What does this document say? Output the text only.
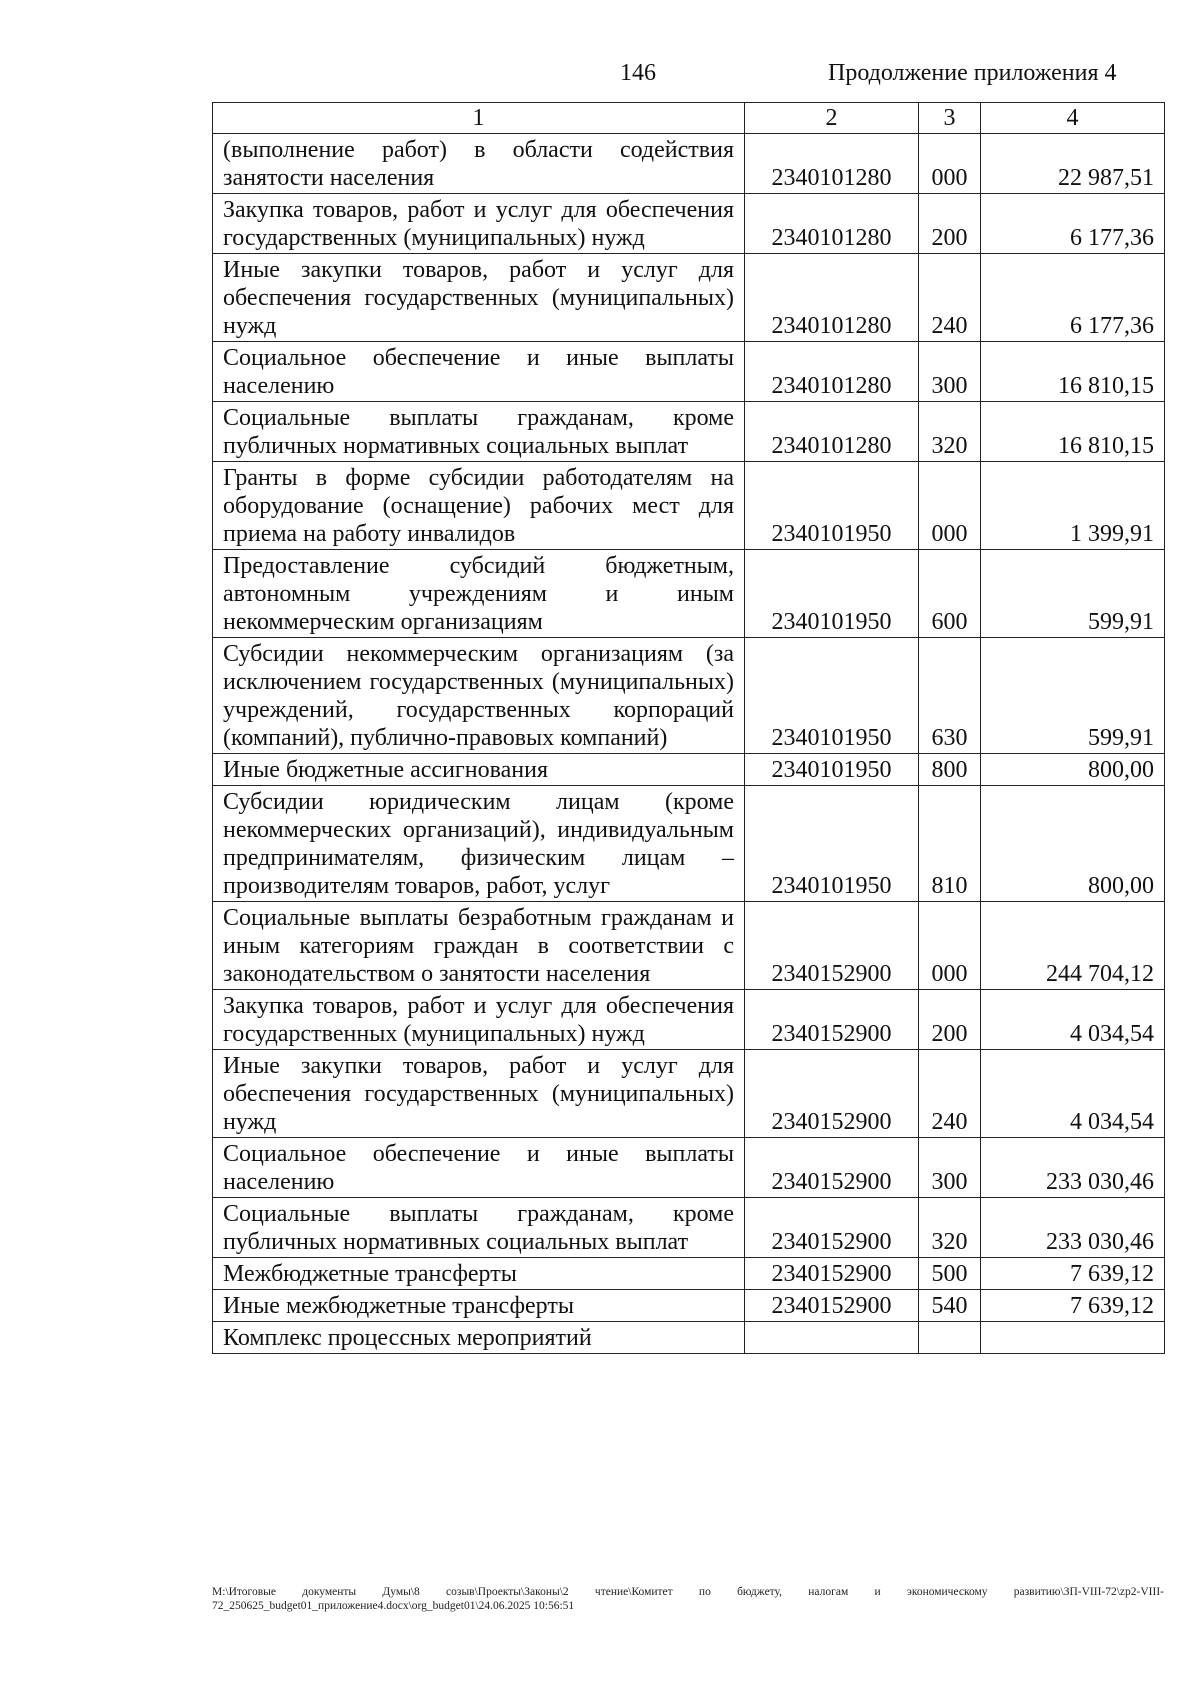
146	Продолжение приложения 4
1	2	3	4
(выполнение работ) в области содействия занятости населения	2340101280	000	22 987,51
Закупка товаров, работ и услуг для обеспечения государственных (муниципальных) нужд	2340101280	200	6 177,36
Иные закупки товаров, работ и услуг для обеспечения государственных (муниципальных) нужд	2340101280	240	6 177,36
Социальное обеспечение и иные выплаты населению	2340101280	300	16 810,15
Социальные выплаты гражданам, кроме публичных нормативных социальных выплат	2340101280	320	16 810,15
Гранты в форме субсидии работодателям на оборудование (оснащение) рабочих мест для приема на работу инвалидов	2340101950	000	1 399,91
Предоставление субсидий бюджетным, автономным учреждениям и иным некоммерческим организациям	2340101950	600	599,91
Субсидии некоммерческим организациям (за исключением государственных (муниципальных) учреждений, государственных корпораций (компаний), публично-правовых компаний)	2340101950	630	599,91
Иные бюджетные ассигнования	2340101950	800	800,00
Субсидии юридическим лицам (кроме некоммерческих организаций), индивидуальным предпринимателям, физическим лицам – производителям товаров, работ, услуг	2340101950	810	800,00
Социальные выплаты безработным гражданам и иным категориям граждан в соответствии с законодательством о занятости населения	2340152900	000	244 704,12
Закупка товаров, работ и услуг для обеспечения государственных (муниципальных) нужд	2340152900	200	4 034,54
Иные закупки товаров, работ и услуг для обеспечения государственных (муниципальных) нужд	2340152900	240	4 034,54
Социальное обеспечение и иные выплаты населению	2340152900	300	233 030,46
Социальные выплаты гражданам, кроме публичных нормативных социальных выплат	2340152900	320	233 030,46
Межбюджетные трансферты	2340152900	500	7 639,12
Иные межбюджетные трансферты	2340152900	540	7 639,12
Комплекс процессных мероприятий			
M:\Итоговые документы Думы\8 созыв\Проекты\Законы\2 чтение\Комитет по бюджету, налогам и экономическому развитию\ЗП-VIII-72\zp2-VIII-72_250625_budget01_приложение4.docx\org_budget01\24.06.2025 10:56:51
